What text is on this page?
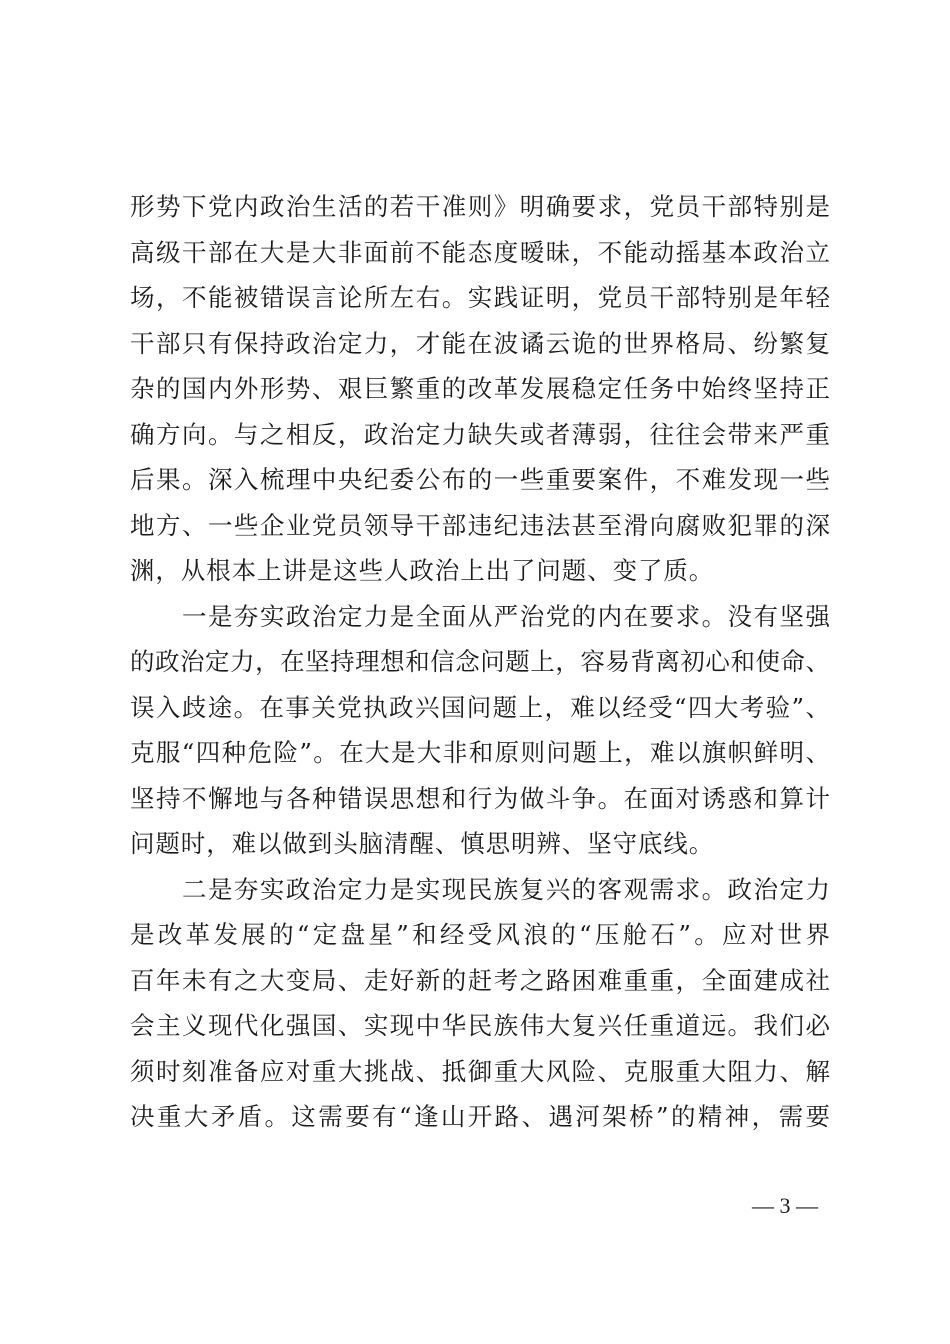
形势下党内政治生活的若干准则》明确要求，党员干部特别是
高级干部在大是大非面前不能态度暧昧，不能动摇基本政治立
场，不能被错误言论所左右。实践证明，党员干部特别是年轻
干部只有保持政治定力，才能在波谲云诡的世界格局、纷繁复
杂的国内外形势、艰巨繁重的改革发展稳定任务中始终坚持正
确方向。与之相反，政治定力缺失或者薄弱，往往会带来严重
后果。深入梳理中央纪委公布的一些重要案件，不难发现一些
地方、一些企业党员领导干部违纪违法甚至滑向腐败犯罪的深
渊，从根本上讲是这些人政治上出了问题、变了质。
　　一是夯实政治定力是全面从严治党的内在要求。没有坚强
的政治定力，在坚持理想和信念问题上，容易背离初心和使命、
误入歧途。在事关党执政兴国问题上，难以经受“四大考验”、
克服“四种危险”。在大是大非和原则问题上，难以旗帜鲜明、
坚持不懈地与各种错误思想和行为做斗争。在面对诱惑和算计
问题时，难以做到头脑清醒、慎思明辨、坚守底线。
　　二是夯实政治定力是实现民族复兴的客观需求。政治定力
是改革发展的“定盘星”和经受风浪的“压舱石”。应对世界
百年未有之大变局、走好新的赶考之路困难重重，全面建成社
会主义现代化强国、实现中华民族伟大复兴任重道远。我们必
须时刻准备应对重大挑战、抵御重大风险、克服重大阻力、解
决重大矛盾。这需要有“逢山开路、遇河架桥”的精神，需要
— 3 —
